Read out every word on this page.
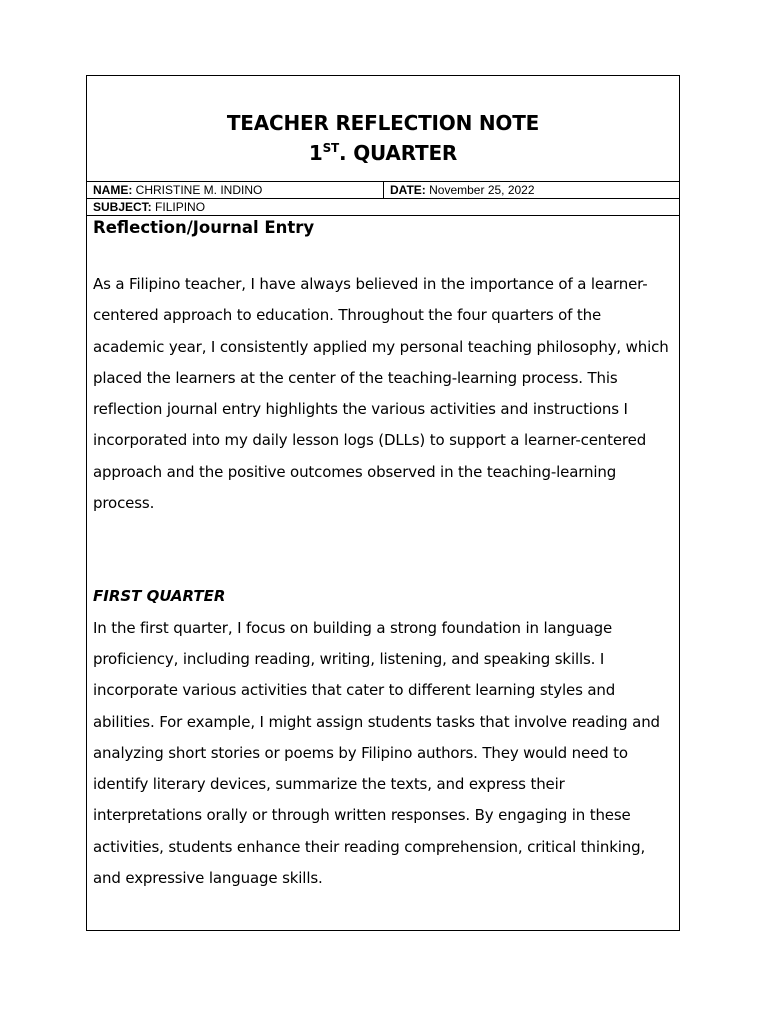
TEACHER REFLECTION NOTE
1ST. QUARTER
NAME: CHRISTINE M. INDINO	DATE: November 25, 2022
SUBJECT: FILIPINO
Reflection/Journal Entry

As a Filipino teacher, I have always believed in the importance of a learner-centered approach to education. Throughout the four quarters of the academic year, I consistently applied my personal teaching philosophy, which placed the learners at the center of the teaching-learning process. This reflection journal entry highlights the various activities and instructions I incorporated into my daily lesson logs (DLLs) to support a learner-centered approach and the positive outcomes observed in the teaching-learning process.

FIRST QUARTER

In the first quarter, I focus on building a strong foundation in language proficiency, including reading, writing, listening, and speaking skills. I incorporate various activities that cater to different learning styles and abilities. For example, I might assign students tasks that involve reading and analyzing short stories or poems by Filipino authors. They would need to identify literary devices, summarize the texts, and express their interpretations orally or through written responses. By engaging in these activities, students enhance their reading comprehension, critical thinking, and expressive language skills.
